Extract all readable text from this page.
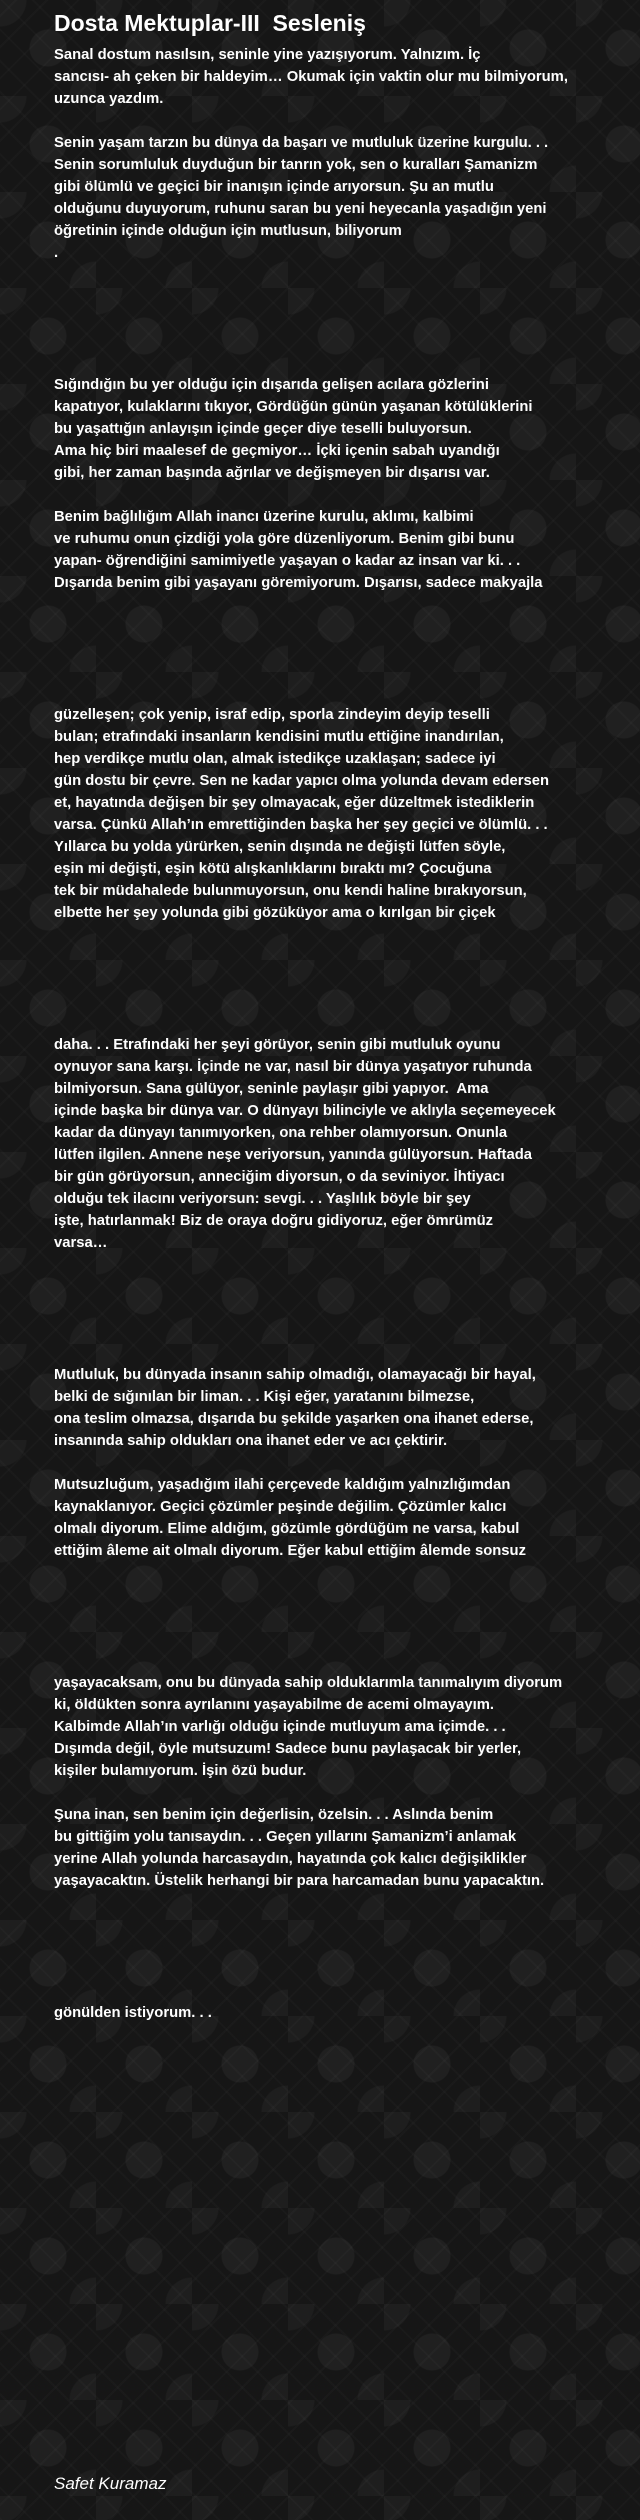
Dosta Mektuplar-III  Sesleniş
Sanal dostum nasılsın, seninle yine yazışıyorum. Yalnızım. İç
sancısı- ah çeken bir haldeyim… Okumak için vaktin olur mu bilmiyorum,
uzunca yazdım.
Senin yaşam tarzın bu dünya da başarı ve mutluluk üzerine kurgulu. . .
Senin sorumluluk duyduğun bir tanrın yok, sen o kuralları Şamanizm
gibi ölümlü ve geçici bir inanışın içinde arıyorsun. Şu an mutlu
olduğunu duyuyorum, ruhunu saran bu yeni heyecanla yaşadığın yeni
öğretinin içinde olduğun için mutlusun, biliyorum
.
Sığındığın bu yer olduğu için dışarıda gelişen acılara gözlerini
kapatıyor, kulaklarını tıkıyor, Gördüğün günün yaşanan kötülüklerini
bu yaşattığın anlayışın içinde geçer diye teselli buluyorsun.
Ama hiç biri maalesef de geçmiyor… İçki içenin sabah uyandığı
gibi, her zaman başında ağrılar ve değişmeyen bir dışarısı var.
Benim bağlılığım Allah inancı üzerine kurulu, aklımı, kalbimi
ve ruhumu onun çizdiği yola göre düzenliyorum. Benim gibi bunu
yapan- öğrendiğini samimiyetle yaşayan o kadar az insan var ki. . .
Dışarıda benim gibi yaşayanı göremiyorum. Dışarısı, sadece makyajla
güzelleşen; çok yenip, israf edip, sporla zindeyim deyip teselli
bulan; etrafındaki insanların kendisini mutlu ettiğine inandırılan,
hep verdikçe mutlu olan, almak istedikçe uzaklaşan; sadece iyi
gün dostu bir çevre. Sen ne kadar yapıcı olma yolunda devam edersen
et, hayatında değişen bir şey olmayacak, eğer düzeltmek istediklerin
varsa. Çünkü Allah’ın emrettiğinden başka her şey geçici ve ölümlü. . .
Yıllarca bu yolda yürürken, senin dışında ne değişti lütfen söyle,
eşin mi değişti, eşin kötü alışkanlıklarını bıraktı mı? Çocuğuna
tek bir müdahalede bulunmuyorsun, onu kendi haline bırakıyorsun,
elbette her şey yolunda gibi gözüküyor ama o kırılgan bir çiçek
daha. . . Etrafındaki her şeyi görüyor, senin gibi mutluluk oyunu
oynuyor sana karşı. İçinde ne var, nasıl bir dünya yaşatıyor ruhunda
bilmiyorsun. Sana gülüyor, seninle paylaşır gibi yapıyor.  Ama
içinde başka bir dünya var. O dünyayı bilinciyle ve aklıyla seçemeyecek
kadar da dünyayı tanımıyorken, ona rehber olamıyorsun. Onunla
lütfen ilgilen. Annene neşe veriyorsun, yanında gülüyorsun. Haftada
bir gün görüyorsun, anneciğim diyorsun, o da seviniyor. İhtiyacı
olduğu tek ilacını veriyorsun: sevgi. . . Yaşlılık böyle bir şey
işte, hatırlanmak! Biz de oraya doğru gidiyoruz, eğer ömrümüz
varsa…
Mutluluk, bu dünyada insanın sahip olmadığı, olamayacağı bir hayal,
belki de sığınılan bir liman. . . Kişi eğer, yaratanını bilmezse,
ona teslim olmazsa, dışarıda bu şekilde yaşarken ona ihanet ederse,
insanında sahip oldukları ona ihanet eder ve acı çektirir.
Mutsuzluğum, yaşadığım ilahi çerçevede kaldığım yalnızlığımdan
kaynaklanıyor. Geçici çözümler peşinde değilim. Çözümler kalıcı
olmalı diyorum. Elime aldığım, gözümle gördüğüm ne varsa, kabul
ettiğim âleme ait olmalı diyorum. Eğer kabul ettiğim âlemde sonsuz
yaşayacaksam, onu bu dünyada sahip olduklarımla tanımalıyım diyorum
ki, öldükten sonra ayrılanını yaşayabilme de acemi olmayayım.
Kalbimde Allah’ın varlığı olduğu içinde mutluyum ama içimde. . .
Dışımda değil, öyle mutsuzum! Sadece bunu paylaşacak bir yerler,
kişiler bulamıyorum. İşin özü budur.
Şuna inan, sen benim için değerlisin, özelsin. . . Aslında benim
bu gittiğim yolu tanısaydın. . . Geçen yıllarını Şamanizm’i anlamak
yerine Allah yolunda harcasaydın, hayatında çok kalıcı değişiklikler
yaşayacaktın. Üstelik herhangi bir para harcamadan bunu yapacaktın.
gönülden istiyorum. . .
Safet Kuramaz
